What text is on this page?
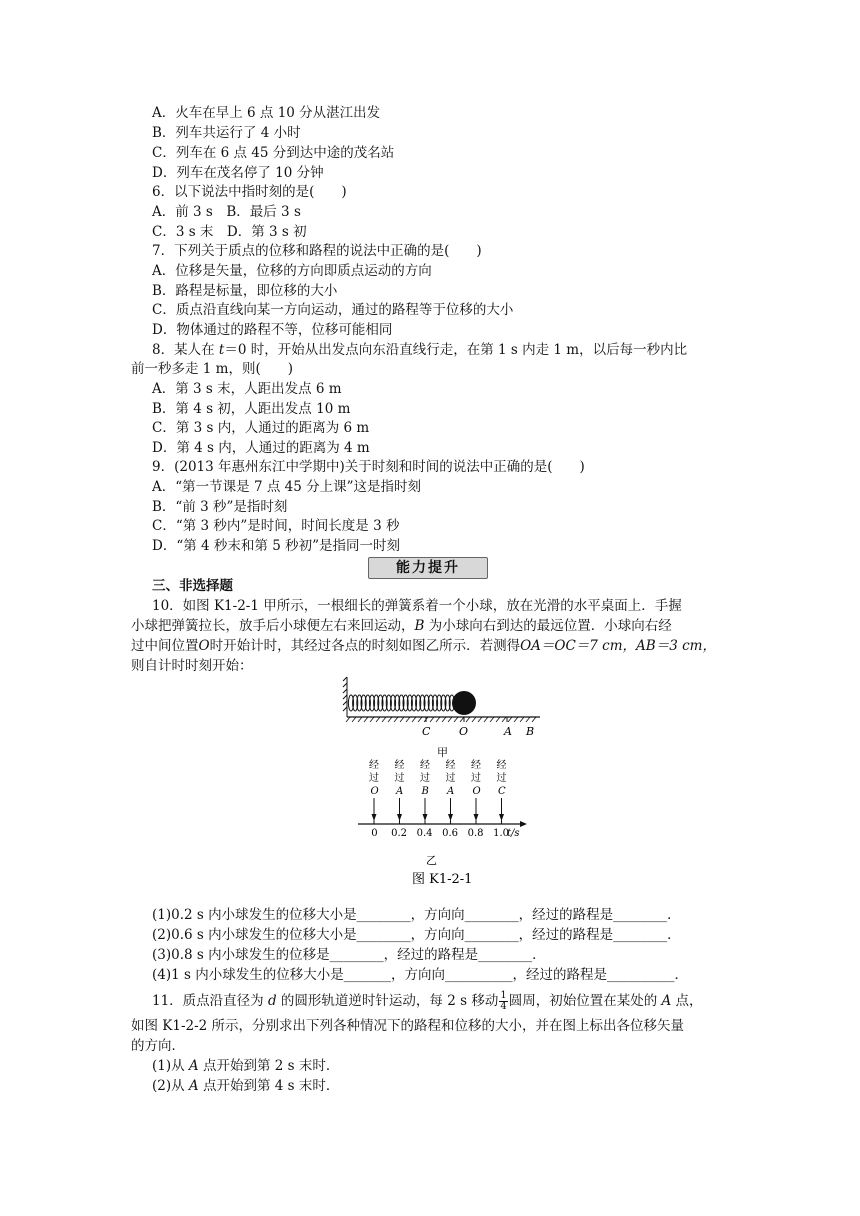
A．火车在早上 6 点 10 分从湛江出发
B．列车共运行了 4 小时
C．列车在 6 点 45 分到达中途的茂名站
D．列车在茂名停了 10 分钟
6．以下说法中指时刻的是(　　)
A．前 3 s　B．最后 3 s
C．3 s 末　D．第 3 s 初
7．下列关于质点的位移和路程的说法中正确的是(　　)
A．位移是矢量，位移的方向即质点运动的方向
B．路程是标量，即位移的大小
C．质点沿直线向某一方向运动，通过的路程等于位移的大小
D．物体通过的路程不等，位移可能相同
8．某人在 t＝0 时，开始从出发点向东沿直线行走，在第 1 s 内走 1 m，以后每一秒内比
前一秒多走 1 m，则(　　)
A．第 3 s 末，人距出发点 6 m
B．第 4 s 初，人距出发点 10 m
C．第 3 s 内，人通过的距离为 6 m
D．第 4 s 内，人通过的距离为 4 m
9．(2013 年惠州东江中学期中)关于时刻和时间的说法中正确的是(　　)
A．“第一节课是 7 点 45 分上课”这是指时刻
B．“前 3 秒”是指时刻
C．“第 3 秒内”是时间，时间长度是 3 秒
D．“第 4 秒末和第 5 秒初”是指同一时刻
能力提升
三、非选择题
10．如图 K1-2-1 甲所示，一根细长的弹簧系着一个小球，放在光滑的水平桌面上．手握
小球把弹簧拉长，放手后小球便左右来回运动，B 为小球向右到达的最远位置．小球向右经
过中间位置O时开始计时，其经过各点的时刻如图乙所示．若测得OA＝OC＝7 cm，AB＝3 cm，
则自计时时刻开始：
C	O	A B
甲
经
过
O
经
过
A
经
过
B
经
过
A
经
过
O
经
过
C
0 0.2 0.4 0.6 0.8 1.0
t/s
乙
图 K1-2-1
(1)0.2 s 内小球发生的位移大小是________，方向向________，经过的路程是________．
(2)0.6 s 内小球发生的位移大小是________，方向向________，经过的路程是________．
(3)0.8 s 内小球发生的位移是________，经过的路程是________．
(4)1 s 内小球发生的位移大小是_______，方向向__________，经过的路程是__________．
11．质点沿直径为 d 的圆形轨道逆时针运动，每 2 s 移动 $\frac{1}{4}$ 圆周，初始位置在某处的 A 点，
如图 K1-2-2 所示，分别求出下列各种情况下的路程和位移的大小，并在图上标出各位移矢量
的方向．
(1)从 A 点开始到第 2 s 末时．
(2)从 A 点开始到第 4 s 末时．
